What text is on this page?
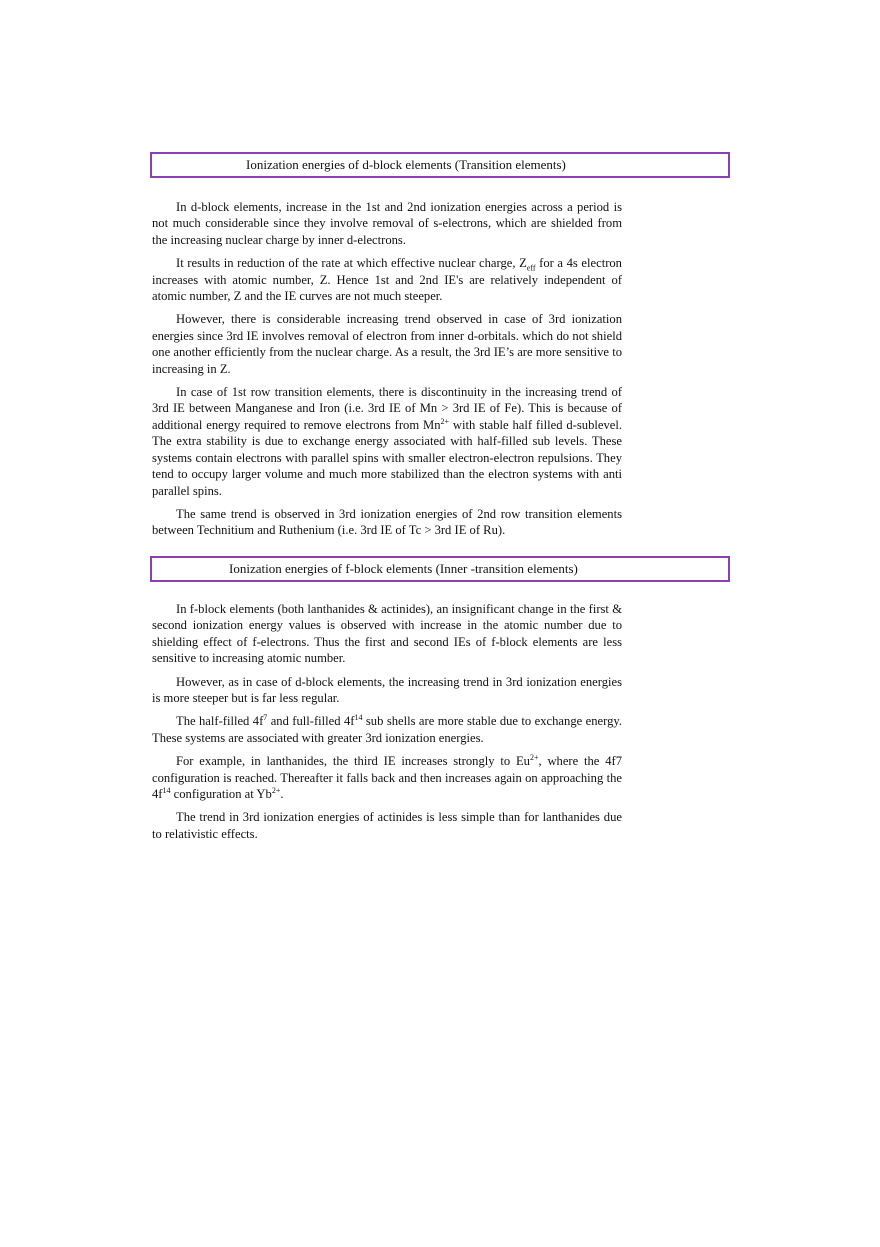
Ionization energies of d-block elements (Transition elements)

In d-block elements, increase in the 1st and 2nd ionization energies across a period is not much considerable since they involve removal of s-electrons, which are shielded from the increasing nuclear charge by inner d-electrons.

It results in reduction of the rate at which effective nuclear charge, $Z_{eff}$ for a 4s electron increases with atomic number, Z. Hence 1st and 2nd IE's are relatively independent of atomic number, Z and the IE curves are not much steeper.

However, there is considerable increasing trend observed in case of 3rd ionization energies since 3rd IE involves removal of electron from inner d-orbitals. which do not shield one another efficiently from the nuclear charge. As a result, the 3rd IE’s are more sensitive to increasing in Z.

In case of 1st row transition elements, there is discontinuity in the increasing trend of 3rd IE between Manganese and Iron (i.e. 3rd IE of Mn > 3rd IE of Fe). This is because of additional energy required to remove electrons from $Mn^{2+}$ with stable half filled d-sublevel. The extra stability is due to exchange energy associated with half-filled sub levels. These systems contain electrons with parallel spins with smaller electron-electron repulsions. They tend to occupy larger volume and much more stabilized than the electron systems with anti parallel spins.

The same trend is observed in 3rd ionization energies of 2nd row transition elements between Technitium and Ruthenium (i.e. 3rd IE of Tc > 3rd IE of Ru).

Ionization energies of f-block elements (Inner -transition elements)

In f-block elements (both lanthanides & actinides), an insignificant change in the first & second ionization energy values is observed with increase in the atomic number due to shielding effect of f-electrons. Thus the first and second IEs of f-block elements are less sensitive to increasing atomic number.

However, as in case of d-block elements, the increasing trend in 3rd ionization energies is more steeper but is far less regular.

The half-filled $4f^7$ and full-filled $4f^{14}$ sub shells are more stable due to exchange energy. These systems are associated with greater 3rd ionization energies.

For example, in lanthanides, the third IE increases strongly to $Eu^{2+}$, where the 4f7 configuration is reached. Thereafter it falls back and then increases again on approaching the $4f^{14}$ configuration at $Yb^{2+}$.

The trend in 3rd ionization energies of actinides is less simple than for lanthanides due to relativistic effects.
